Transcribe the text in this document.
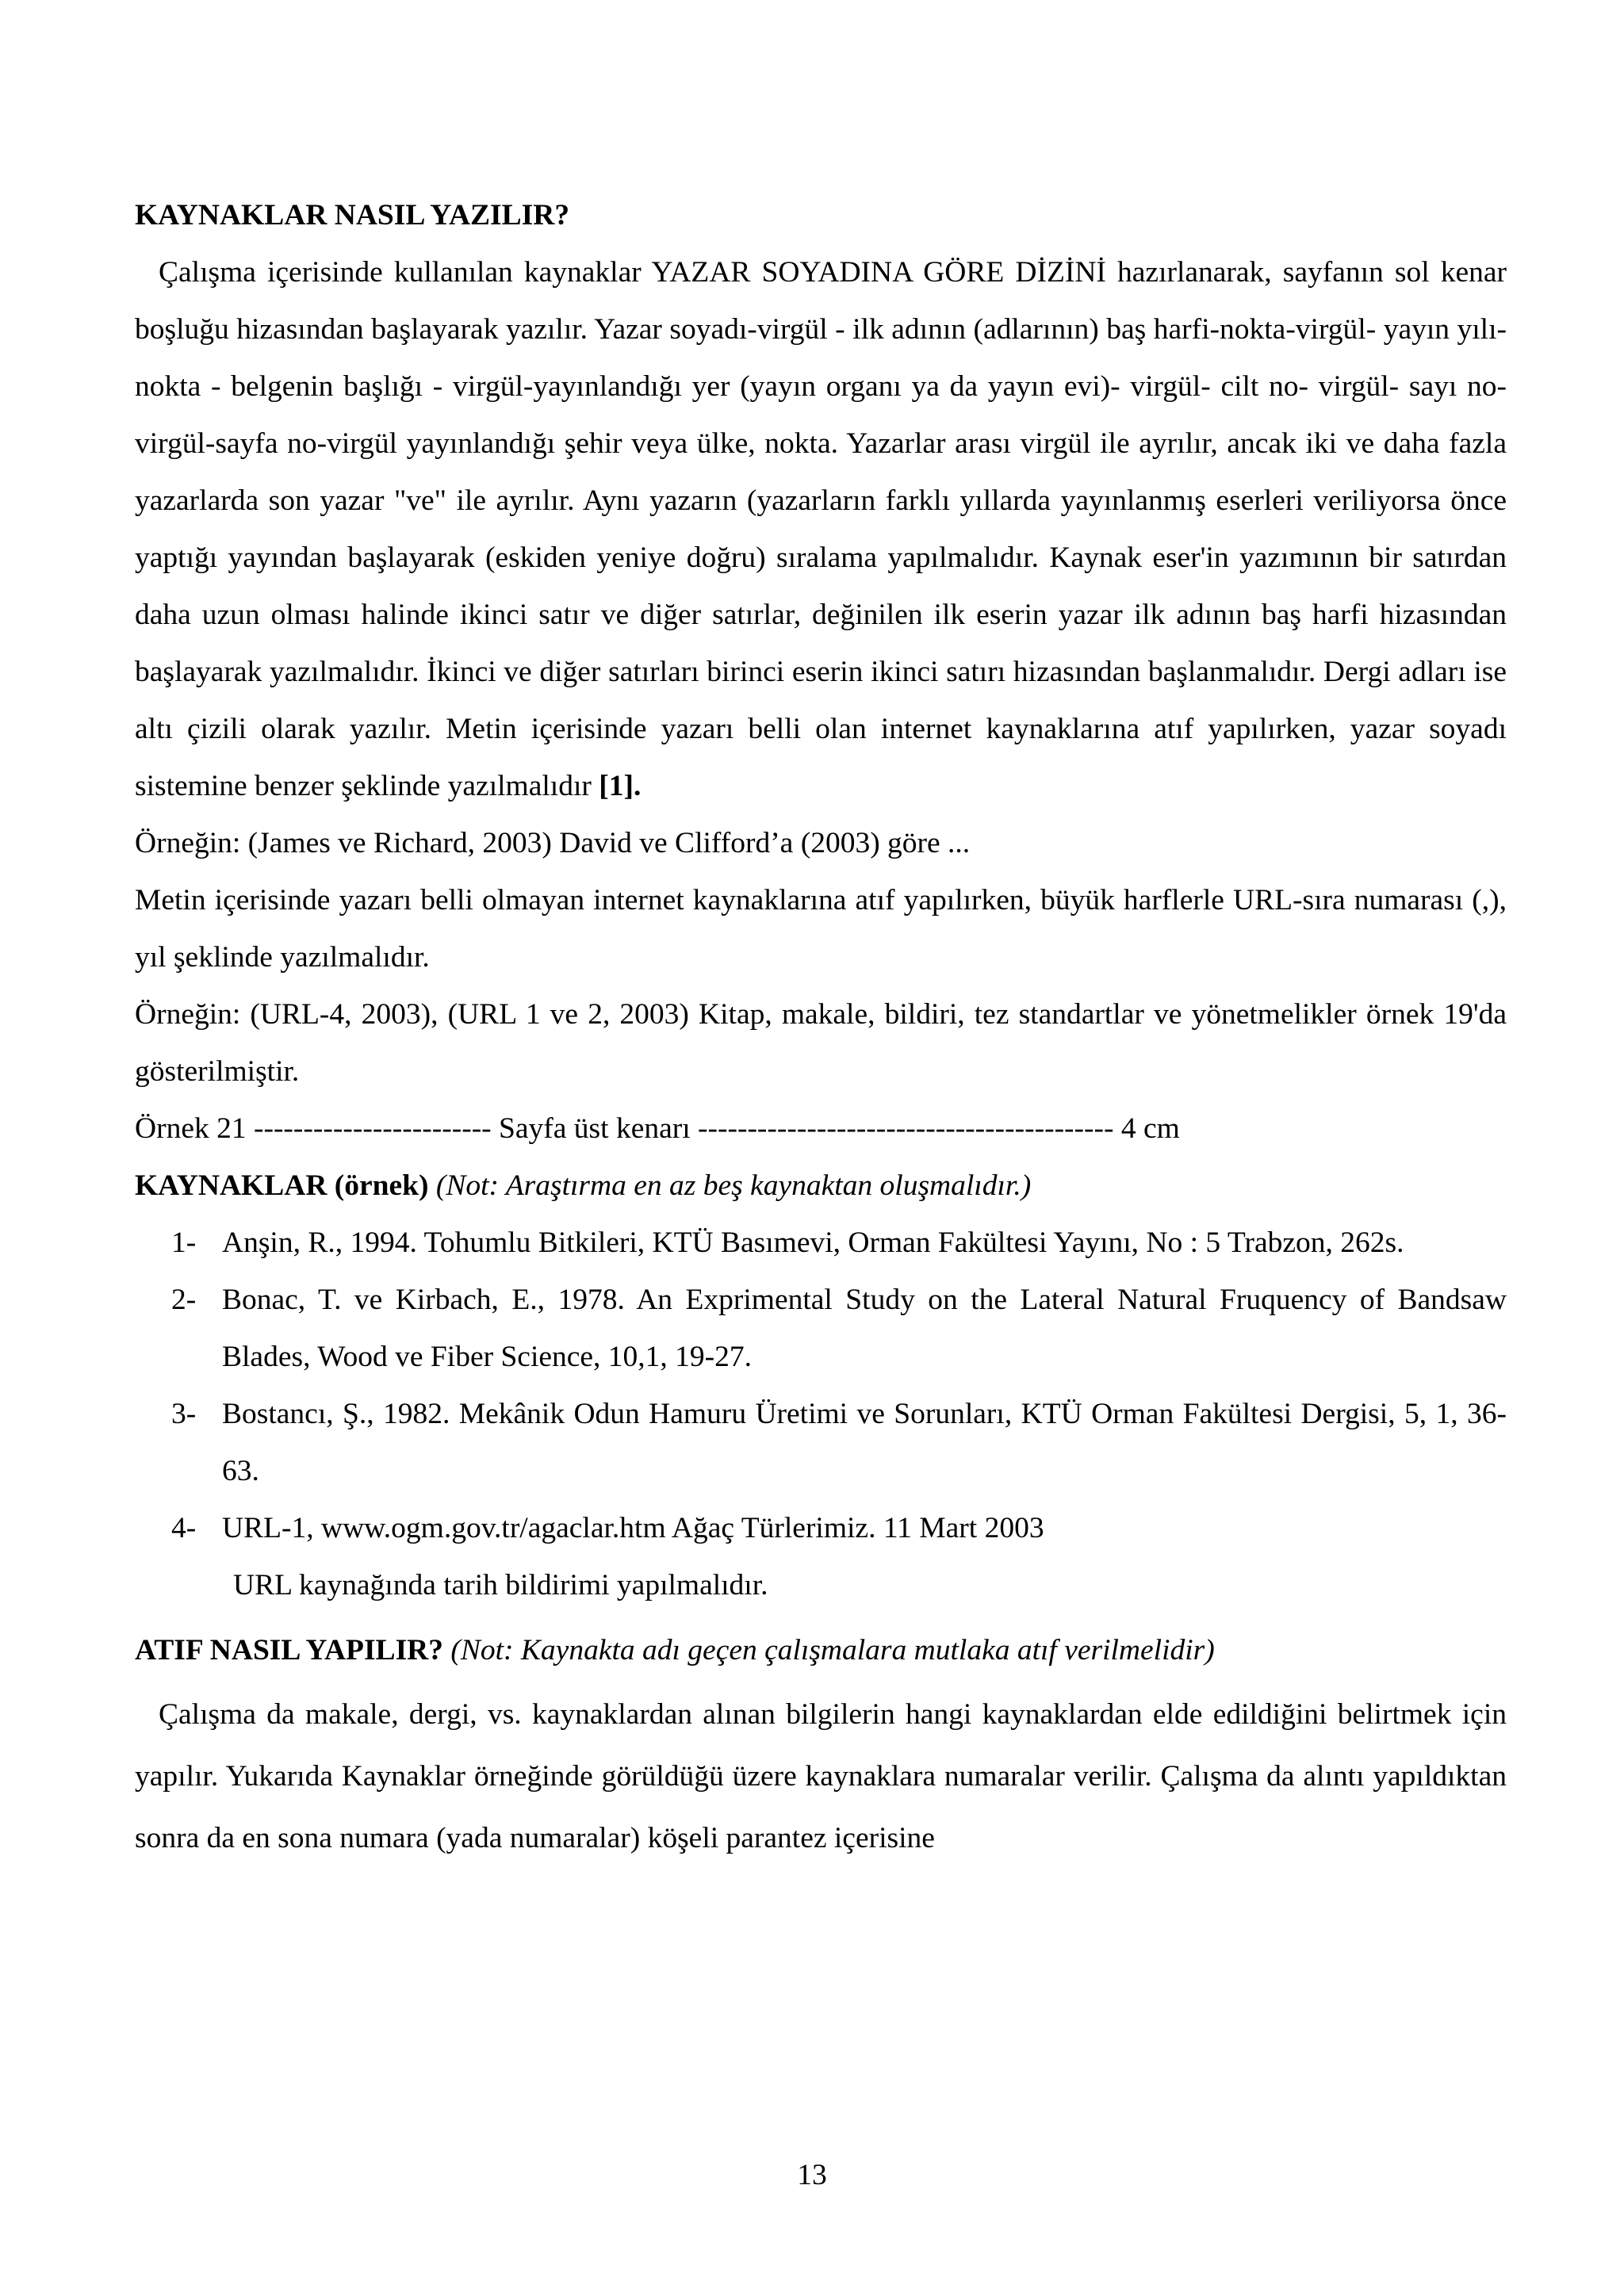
KAYNAKLAR NASIL YAZILIR?
Çalışma içerisinde kullanılan kaynaklar YAZAR SOYADINA GÖRE DİZİNİ hazırlanarak, sayfanın sol kenar boşluğu hizasından başlayarak yazılır. Yazar soyadı-virgül - ilk adının (adlarının) baş harfi-nokta-virgül- yayın yılı- nokta - belgenin başlığı - virgül-yayınlandığı yer (yayın organı ya da yayın evi)- virgül- cilt no- virgül- sayı no- virgül-sayfa no-virgül yayınlandığı şehir veya ülke, nokta. Yazarlar arası virgül ile ayrılır, ancak iki ve daha fazla yazarlarda son yazar "ve" ile ayrılır. Aynı yazarın (yazarların farklı yıllarda yayınlanmış eserleri veriliyorsa önce yaptığı yayından başlayarak (eskiden yeniye doğru) sıralama yapılmalıdır. Kaynak eser'in yazımının bir satırdan daha uzun olması halinde ikinci satır ve diğer satırlar, değinilen ilk eserin yazar ilk adının baş harfi hizasından başlayarak yazılmalıdır. İkinci ve diğer satırları birinci eserin ikinci satırı hizasından başlanmalıdır. Dergi adları ise altı çizili olarak yazılır. Metin içerisinde yazarı belli olan internet kaynaklarına atıf yapılırken, yazar soyadı sistemine benzer şeklinde yazılmalıdır [1].
Örneğin: (James ve Richard, 2003) David ve Clifford’a (2003) göre ...
Metin içerisinde yazarı belli olmayan internet kaynaklarına atıf yapılırken, büyük harflerle URL-sıra numarası (,), yıl şeklinde yazılmalıdır.
Örneğin: (URL-4, 2003), (URL 1 ve 2, 2003) Kitap, makale, bildiri, tez standartlar ve yönetmelikler örnek 19'da gösterilmiştir.
Örnek 21 ------------------------ Sayfa üst kenarı ------------------------------------------ 4 cm
KAYNAKLAR (örnek) (Not: Araştırma en az beş kaynaktan oluşmalıdır.)
1- Anşin, R., 1994. Tohumlu Bitkileri, KTÜ Basımevi, Orman Fakültesi Yayını, No : 5 Trabzon, 262s.
2- Bonac, T. ve Kirbach, E., 1978. An Exprimental Study on the Lateral Natural Fruquency of Bandsaw Blades, Wood ve Fiber Science, 10,1, 19-27.
3- Bostancı, Ş., 1982. Mekânik Odun Hamuru Üretimi ve Sorunları, KTÜ Orman Fakültesi Dergisi, 5, 1, 36-63.
4- URL-1, www.ogm.gov.tr/agaclar.htm Ağaç Türlerimiz. 11 Mart 2003
URL kaynağında tarih bildirimi yapılmalıdır.
ATIF NASIL YAPILIR? (Not: Kaynakta adı geçen çalışmalara mutlaka atıf verilmelidir)
Çalışma da makale, dergi, vs. kaynaklardan alınan bilgilerin hangi kaynaklardan elde edildiğini belirtmek için yapılır. Yukarıda Kaynaklar örneğinde görüldüğü üzere kaynaklara numaralar verilir. Çalışma da alıntı yapıldıktan sonra da en sona numara (yada numaralar) köşeli parantez içerisine
13
